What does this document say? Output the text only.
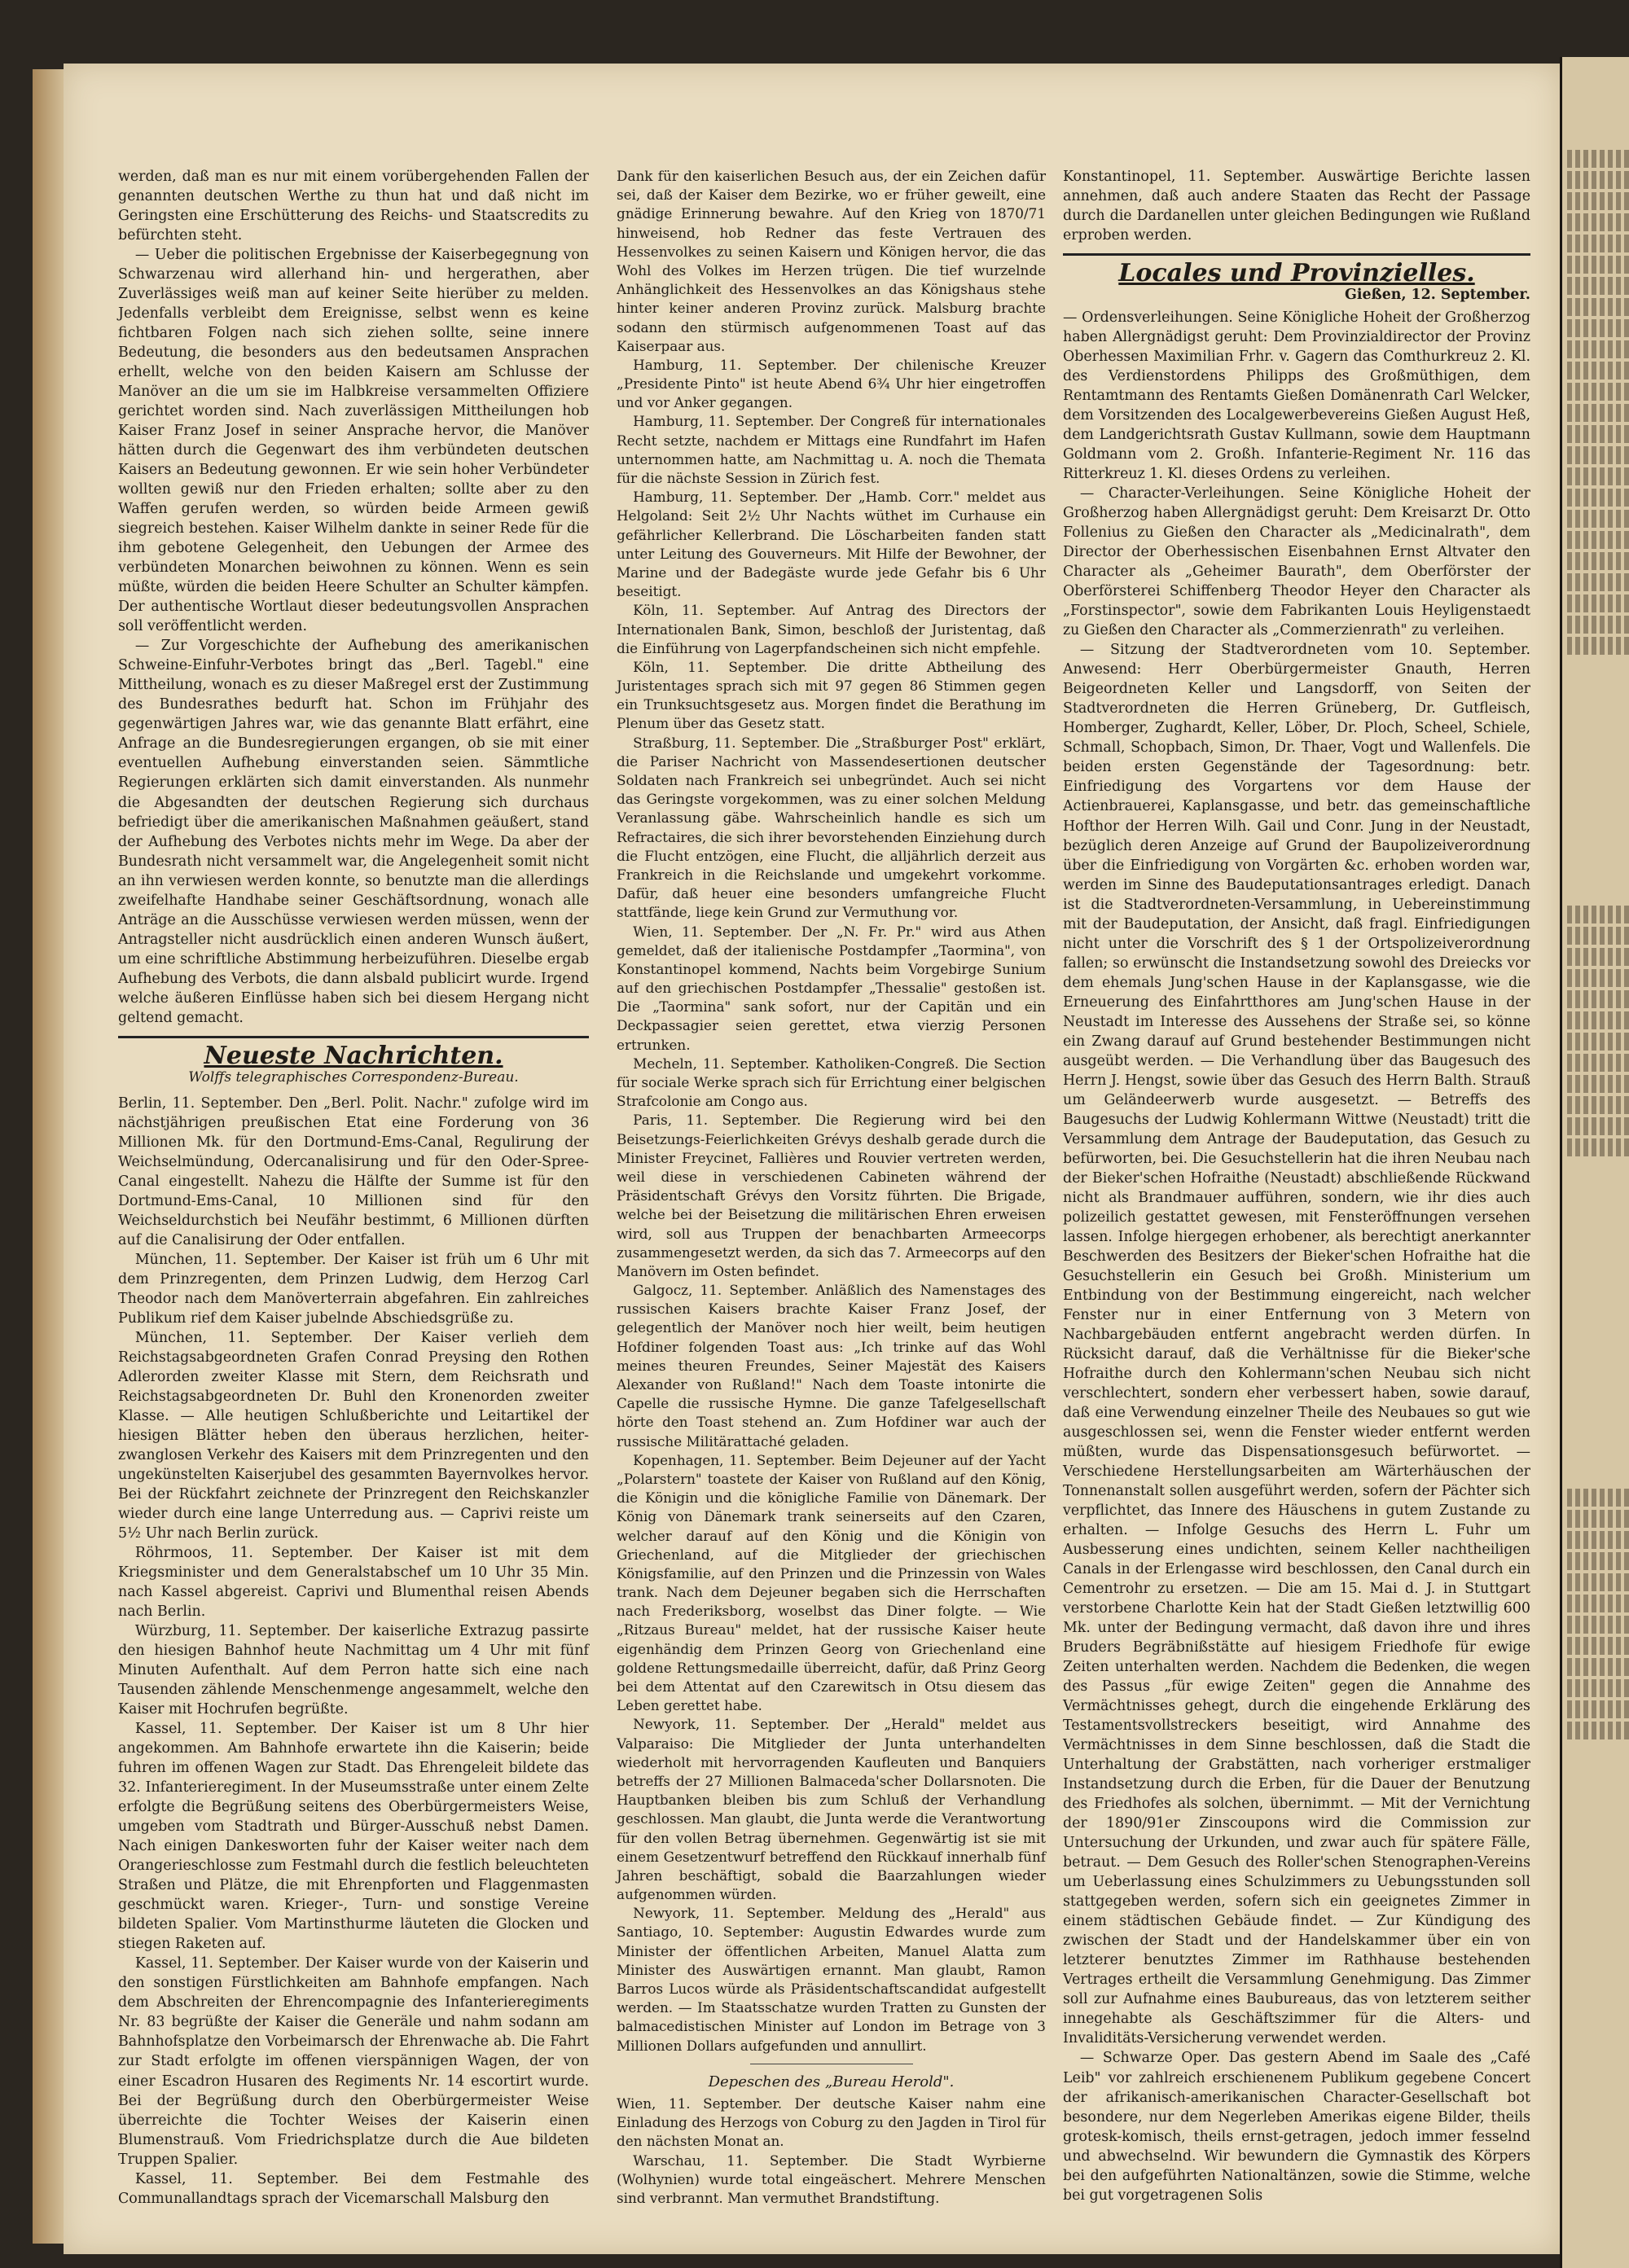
werden, daß man es nur mit einem vorübergehenden Fallen der genannten deutschen Werthe zu thun hat und daß nicht im Geringsten eine Erschütterung des Reichs- und Staatscredits zu befürchten steht.

— Ueber die politischen Ergebnisse der Kaiserbegegnung von Schwarzenau wird allerhand hin- und hergerathen, aber Zuverlässiges weiß man auf keiner Seite hierüber zu melden. Jedenfalls verbleibt dem Ereignisse, selbst wenn es keine fichtbaren Folgen nach sich ziehen sollte, seine innere Bedeutung, die besonders aus den bedeutsamen Ansprachen erhellt, welche von den beiden Kaisern am Schlusse der Manöver an die um sie im Halbkreise versammelten Offiziere gerichtet worden sind. Nach zuverlässigen Mittheilungen hob Kaiser Franz Josef in seiner Ansprache hervor, die Manöver hätten durch die Gegenwart des ihm verbündeten deutschen Kaisers an Bedeutung gewonnen. Er wie sein hoher Verbündeter wollten gewiß nur den Frieden erhalten; sollte aber zu den Waffen gerufen werden, so würden beide Armeen gewiß siegreich bestehen. Kaiser Wilhelm dankte in seiner Rede für die ihm gebotene Gelegenheit, den Uebungen der Armee des verbündeten Monarchen beiwohnen zu können. Wenn es sein müßte, würden die beiden Heere Schulter an Schulter kämpfen. Der authentische Wortlaut dieser bedeutungsvollen Ansprachen soll veröffentlicht werden.

— Zur Vorgeschichte der Aufhebung des amerikanischen Schweine-Einfuhr-Verbotes bringt das „Berl. Tagebl." eine Mittheilung, wonach es zu dieser Maßregel erst der Zustimmung des Bundesrathes bedurft hat. Schon im Frühjahr des gegenwärtigen Jahres war, wie das genannte Blatt erfährt, eine Anfrage an die Bundesregierungen ergangen, ob sie mit einer eventuellen Aufhebung einverstanden seien. Sämmtliche Regierungen erklärten sich damit einverstanden. Als nunmehr die Abgesandten der deutschen Regierung sich durchaus befriedigt über die amerikanischen Maßnahmen geäußert, stand der Aufhebung des Verbotes nichts mehr im Wege. Da aber der Bundesrath nicht versammelt war, die Angelegenheit somit nicht an ihn verwiesen werden konnte, so benutzte man die allerdings zweifelhafte Handhabe seiner Geschäftsordnung, wonach alle Anträge an die Ausschüsse verwiesen werden müssen, wenn der Antragsteller nicht ausdrücklich einen anderen Wunsch äußert, um eine schriftliche Abstimmung herbeizuführen. Dieselbe ergab Aufhebung des Verbots, die dann alsbald publicirt wurde. Irgend welche äußeren Einflüsse haben sich bei diesem Hergang nicht geltend gemacht.

Neueste Nachrichten.
Wolffs telegraphisches Correspondenz-Bureau.

Berlin, 11. September. Den „Berl. Polit. Nachr." zufolge wird im nächstjährigen preußischen Etat eine Forderung von 36 Millionen Mk. für den Dortmund-Ems-Canal, Regulirung der Weichselmündung, Odercanalisirung und für den Oder-Spree-Canal eingestellt. Nahezu die Hälfte der Summe ist für den Dortmund-Ems-Canal, 10 Millionen sind für den Weichseldurchstich bei Neufähr bestimmt, 6 Millionen dürften auf die Canalisirung der Oder entfallen.

München, 11. September. Der Kaiser ist früh um 6 Uhr mit dem Prinzregenten, dem Prinzen Ludwig, dem Herzog Carl Theodor nach dem Manöverterrain abgefahren. Ein zahlreiches Publikum rief dem Kaiser jubelnde Abschiedsgrüße zu.

München, 11. September. Der Kaiser verlieh dem Reichstagsabgeordneten Grafen Conrad Preysing den Rothen Adlerorden zweiter Klasse mit Stern, dem Reichsrath und Reichstagsabgeordneten Dr. Buhl den Kronenorden zweiter Klasse. — Alle heutigen Schlußberichte und Leitartikel der hiesigen Blätter heben den überaus herzlichen, heiter-zwanglosen Verkehr des Kaisers mit dem Prinzregenten und den ungekünstelten Kaiserjubel des gesammten Bayernvolkes hervor. Bei der Rückfahrt zeichnete der Prinzregent den Reichskanzler wieder durch eine lange Unterredung aus. — Caprivi reiste um 5½ Uhr nach Berlin zurück.

Röhrmoos, 11. September. Der Kaiser ist mit dem Kriegsminister und dem Generalstabschef um 10 Uhr 35 Min. nach Kassel abgereist. Caprivi und Blumenthal reisen Abends nach Berlin.

Würzburg, 11. September. Der kaiserliche Extrazug passirte den hiesigen Bahnhof heute Nachmittag um 4 Uhr mit fünf Minuten Aufenthalt. Auf dem Perron hatte sich eine nach Tausenden zählende Menschenmenge angesammelt, welche den Kaiser mit Hochrufen begrüßte.

Kassel, 11. September. Der Kaiser ist um 8 Uhr hier angekommen. Am Bahnhofe erwartete ihn die Kaiserin; beide fuhren im offenen Wagen zur Stadt. Das Ehrengeleit bildete das 32. Infanterieregiment. In der Museumsstraße unter einem Zelte erfolgte die Begrüßung seitens des Oberbürgermeisters Weise, umgeben vom Stadtrath und Bürger-Ausschuß nebst Damen. Nach einigen Dankesworten fuhr der Kaiser weiter nach dem Orangerieschlosse zum Festmahl durch die festlich beleuchteten Straßen und Plätze, die mit Ehrenpforten und Flaggenmasten geschmückt waren. Krieger-, Turn- und sonstige Vereine bildeten Spalier. Vom Martinsthurme läuteten die Glocken und stiegen Raketen auf.

Kassel, 11. September. Der Kaiser wurde von der Kaiserin und den sonstigen Fürstlichkeiten am Bahnhofe empfangen. Nach dem Abschreiten der Ehrencompagnie des Infanterieregiments Nr. 83 begrüßte der Kaiser die Generäle und nahm sodann am Bahnhofsplatze den Vorbeimarsch der Ehrenwache ab. Die Fahrt zur Stadt erfolgte im offenen vierspännigen Wagen, der von einer Escadron Husaren des Regiments Nr. 14 escortirt wurde. Bei der Begrüßung durch den Oberbürgermeister Weise überreichte die Tochter Weises der Kaiserin einen Blumenstrauß. Vom Friedrichsplatze durch die Aue bildeten Truppen Spalier.

Kassel, 11. September. Bei dem Festmahle des Communallandtags sprach der Vicemarschall Malsburg den

Dank für den kaiserlichen Besuch aus, der ein Zeichen dafür sei, daß der Kaiser dem Bezirke, wo er früher geweilt, eine gnädige Erinnerung bewahre. Auf den Krieg von 1870/71 hinweisend, hob Redner das feste Vertrauen des Hessenvolkes zu seinen Kaisern und Königen hervor, die das Wohl des Volkes im Herzen trügen. Die tief wurzelnde Anhänglichkeit des Hessenvolkes an das Königshaus stehe hinter keiner anderen Provinz zurück. Malsburg brachte sodann den stürmisch aufgenommenen Toast auf das Kaiserpaar aus.

Hamburg, 11. September. Der chilenische Kreuzer „Presidente Pinto" ist heute Abend 6¾ Uhr hier eingetroffen und vor Anker gegangen.

Hamburg, 11. September. Der Congreß für internationales Recht setzte, nachdem er Mittags eine Rundfahrt im Hafen unternommen hatte, am Nachmittag u. A. noch die Themata für die nächste Session in Zürich fest.

Hamburg, 11. September. Der „Hamb. Corr." meldet aus Helgoland: Seit 2½ Uhr Nachts wüthet im Curhause ein gefährlicher Kellerbrand. Die Löscharbeiten fanden statt unter Leitung des Gouverneurs. Mit Hilfe der Bewohner, der Marine und der Badegäste wurde jede Gefahr bis 6 Uhr beseitigt.

Köln, 11. September. Auf Antrag des Directors der Internationalen Bank, Simon, beschloß der Juristentag, daß die Einführung von Lagerpfandscheinen sich nicht empfehle.

Köln, 11. September. Die dritte Abtheilung des Juristentages sprach sich mit 97 gegen 86 Stimmen gegen ein Trunksuchtsgesetz aus. Morgen findet die Berathung im Plenum über das Gesetz statt.

Straßburg, 11. September. Die „Straßburger Post" erklärt, die Pariser Nachricht von Massendesertionen deutscher Soldaten nach Frankreich sei unbegründet. Auch sei nicht das Geringste vorgekommen, was zu einer solchen Meldung Veranlassung gäbe. Wahrscheinlich handle es sich um Refractaires, die sich ihrer bevorstehenden Einziehung durch die Flucht entzögen, eine Flucht, die alljährlich derzeit aus Frankreich in die Reichslande und umgekehrt vorkomme. Dafür, daß heuer eine besonders umfangreiche Flucht stattfände, liege kein Grund zur Vermuthung vor.

Wien, 11. September. Der „N. Fr. Pr." wird aus Athen gemeldet, daß der italienische Postdampfer „Taormina", von Konstantinopel kommend, Nachts beim Vorgebirge Sunium auf den griechischen Postdampfer „Thessalie" gestoßen ist. Die „Taormina" sank sofort, nur der Capitän und ein Deckpassagier seien gerettet, etwa vierzig Personen ertrunken.

Mecheln, 11. September. Katholiken-Congreß. Die Section für sociale Werke sprach sich für Errichtung einer belgischen Strafcolonie am Congo aus.

Paris, 11. September. Die Regierung wird bei den Beisetzungs-Feierlichkeiten Grévys deshalb gerade durch die Minister Freycinet, Fallières und Rouvier vertreten werden, weil diese in verschiedenen Cabineten während der Präsidentschaft Grévys den Vorsitz führten. Die Brigade, welche bei der Beisetzung die militärischen Ehren erweisen wird, soll aus Truppen der benachbarten Armeecorps zusammengesetzt werden, da sich das 7. Armeecorps auf den Manövern im Osten befindet.

Galgocz, 11. September. Anläßlich des Namenstages des russischen Kaisers brachte Kaiser Franz Josef, der gelegentlich der Manöver noch hier weilt, beim heutigen Hofdiner folgenden Toast aus: „Ich trinke auf das Wohl meines theuren Freundes, Seiner Majestät des Kaisers Alexander von Rußland!" Nach dem Toaste intonirte die Capelle die russische Hymne. Die ganze Tafelgesellschaft hörte den Toast stehend an. Zum Hofdiner war auch der russische Militärattaché geladen.

Kopenhagen, 11. September. Beim Dejeuner auf der Yacht „Polarstern" toastete der Kaiser von Rußland auf den König, die Königin und die königliche Familie von Dänemark. Der König von Dänemark trank seinerseits auf den Czaren, welcher darauf auf den König und die Königin von Griechenland, auf die Mitglieder der griechischen Königsfamilie, auf den Prinzen und die Prinzessin von Wales trank. Nach dem Dejeuner begaben sich die Herrschaften nach Frederiksborg, woselbst das Diner folgte. — Wie „Ritzaus Bureau" meldet, hat der russische Kaiser heute eigenhändig dem Prinzen Georg von Griechenland eine goldene Rettungsmedaille überreicht, dafür, daß Prinz Georg bei dem Attentat auf den Czarewitsch in Otsu diesem das Leben gerettet habe.

Newyork, 11. September. Der „Herald" meldet aus Valparaiso: Die Mitglieder der Junta unterhandelten wiederholt mit hervorragenden Kaufleuten und Banquiers betreffs der 27 Millionen Balmaceda'scher Dollarsnoten. Die Hauptbanken bleiben bis zum Schluß der Verhandlung geschlossen. Man glaubt, die Junta werde die Verantwortung für den vollen Betrag übernehmen. Gegenwärtig ist sie mit einem Gesetzentwurf betreffend den Rückkauf innerhalb fünf Jahren beschäftigt, sobald die Baarzahlungen wieder aufgenommen würden.

Newyork, 11. September. Meldung des „Herald" aus Santiago, 10. September: Augustin Edwardes wurde zum Minister der öffentlichen Arbeiten, Manuel Alatta zum Minister des Auswärtigen ernannt. Man glaubt, Ramon Barros Lucos würde als Präsidentschaftscandidat aufgestellt werden. — Im Staatsschatze wurden Tratten zu Gunsten der balmacedistischen Minister auf London im Betrage von 3 Millionen Dollars aufgefunden und annullirt.

Depeschen des „Bureau Herold".

Wien, 11. September. Der deutsche Kaiser nahm eine Einladung des Herzogs von Coburg zu den Jagden in Tirol für den nächsten Monat an.

Warschau, 11. September. Die Stadt Wyrbierne (Wolhynien) wurde total eingeäschert. Mehrere Menschen sind verbrannt. Man vermuthet Brandstiftung.

Konstantinopel, 11. September. Auswärtige Berichte lassen annehmen, daß auch andere Staaten das Recht der Passage durch die Dardanellen unter gleichen Bedingungen wie Rußland erproben werden.

Locales und Provinzielles.
Gießen, 12. September.

— Ordensverleihungen. Seine Königliche Hoheit der Großherzog haben Allergnädigst geruht: Dem Provinzialdirector der Provinz Oberhessen Maximilian Frhr. v. Gagern das Comthurkreuz 2. Kl. des Verdienstordens Philipps des Großmüthigen, dem Rentamtmann des Rentamts Gießen Domänenrath Carl Welcker, dem Vorsitzenden des Localgewerbevereins Gießen August Heß, dem Landgerichtsrath Gustav Kullmann, sowie dem Hauptmann Goldmann vom 2. Großh. Infanterie-Regiment Nr. 116 das Ritterkreuz 1. Kl. dieses Ordens zu verleihen.

— Character-Verleihungen. Seine Königliche Hoheit der Großherzog haben Allergnädigst geruht: Dem Kreisarzt Dr. Otto Follenius zu Gießen den Character als „Medicinalrath", dem Director der Oberhessischen Eisenbahnen Ernst Altvater den Character als „Geheimer Baurath", dem Oberförster der Oberförsterei Schiffenberg Theodor Heyer den Character als „Forstinspector", sowie dem Fabrikanten Louis Heyligenstaedt zu Gießen den Character als „Commerzienrath" zu verleihen.

— Sitzung der Stadtverordneten vom 10. September. Anwesend: Herr Oberbürgermeister Gnauth, Herren Beigeordneten Keller und Langsdorff, von Seiten der Stadtverordneten die Herren Grüneberg, Dr. Gutfleisch, Homberger, Zughardt, Keller, Löber, Dr. Ploch, Scheel, Schiele, Schmall, Schopbach, Simon, Dr. Thaer, Vogt und Wallenfels. Die beiden ersten Gegenstände der Tagesordnung: betr. Einfriedigung des Vorgartens vor dem Hause der Actienbrauerei, Kaplansgasse, und betr. das gemeinschaftliche Hofthor der Herren Wilh. Gail und Conr. Jung in der Neustadt, bezüglich deren Anzeige auf Grund der Baupolizeiverordnung über die Einfriedigung von Vorgärten &c. erhoben worden war, werden im Sinne des Baudeputationsantrages erledigt. Danach ist die Stadtverordneten-Versammlung, in Uebereinstimmung mit der Baudeputation, der Ansicht, daß fragl. Einfriedigungen nicht unter die Vorschrift des § 1 der Ortspolizeiverordnung fallen; so erwünscht die Instandsetzung sowohl des Dreiecks vor dem ehemals Jung'schen Hause in der Kaplansgasse, wie die Erneuerung des Einfahrtthores am Jung'schen Hause in der Neustadt im Interesse des Aussehens der Straße sei, so könne ein Zwang darauf auf Grund bestehender Bestimmungen nicht ausgeübt werden. — Die Verhandlung über das Baugesuch des Herrn J. Hengst, sowie über das Gesuch des Herrn Balth. Strauß um Geländeerwerb wurde ausgesetzt. — Betreffs des Baugesuchs der Ludwig Kohlermann Wittwe (Neustadt) tritt die Versammlung dem Antrage der Baudeputation, das Gesuch zu befürworten, bei. Die Gesuchstellerin hat die ihren Neubau nach der Bieker'schen Hofraithe (Neustadt) abschließende Rückwand nicht als Brandmauer aufführen, sondern, wie ihr dies auch polizeilich gestattet gewesen, mit Fensteröffnungen versehen lassen. Infolge hiergegen erhobener, als berechtigt anerkannter Beschwerden des Besitzers der Bieker'schen Hofraithe hat die Gesuchstellerin ein Gesuch bei Großh. Ministerium um Entbindung von der Bestimmung eingereicht, nach welcher Fenster nur in einer Entfernung von 3 Metern von Nachbargebäuden entfernt angebracht werden dürfen. In Rücksicht darauf, daß die Verhältnisse für die Bieker'sche Hofraithe durch den Kohlermann'schen Neubau sich nicht verschlechtert, sondern eher verbessert haben, sowie darauf, daß eine Verwendung einzelner Theile des Neubaues so gut wie ausgeschlossen sei, wenn die Fenster wieder entfernt werden müßten, wurde das Dispensationsgesuch befürwortet. — Verschiedene Herstellungsarbeiten am Wärterhäuschen der Tonnenanstalt sollen ausgeführt werden, sofern der Pächter sich verpflichtet, das Innere des Häuschens in gutem Zustande zu erhalten. — Infolge Gesuchs des Herrn L. Fuhr um Ausbesserung eines undichten, seinem Keller nachtheiligen Canals in der Erlengasse wird beschlossen, den Canal durch ein Cementrohr zu ersetzen. — Die am 15. Mai d. J. in Stuttgart verstorbene Charlotte Kein hat der Stadt Gießen letztwillig 600 Mk. unter der Bedingung vermacht, daß davon ihre und ihres Bruders Begräbnißstätte auf hiesigem Friedhofe für ewige Zeiten unterhalten werden. Nachdem die Bedenken, die wegen des Passus „für ewige Zeiten" gegen die Annahme des Vermächtnisses gehegt, durch die eingehende Erklärung des Testamentsvollstreckers beseitigt, wird Annahme des Vermächtnisses in dem Sinne beschlossen, daß die Stadt die Unterhaltung der Grabstätten, nach vorheriger erstmaliger Instandsetzung durch die Erben, für die Dauer der Benutzung des Friedhofes als solchen, übernimmt. — Mit der Vernichtung der 1890/91er Zinscoupons wird die Commission zur Untersuchung der Urkunden, und zwar auch für spätere Fälle, betraut. — Dem Gesuch des Roller'schen Stenographen-Vereins um Ueberlassung eines Schulzimmers zu Uebungsstunden soll stattgegeben werden, sofern sich ein geeignetes Zimmer in einem städtischen Gebäude findet. — Zur Kündigung des zwischen der Stadt und der Handelskammer über ein von letzterer benutztes Zimmer im Rathhause bestehenden Vertrages ertheilt die Versammlung Genehmigung. Das Zimmer soll zur Aufnahme eines Baubureaus, das von letzterem seither innegehabte als Geschäftszimmer für die Alters- und Invaliditäts-Versicherung verwendet werden.

— Schwarze Oper. Das gestern Abend im Saale des „Café Leib" vor zahlreich erschienenem Publikum gegebene Concert der afrikanisch-amerikanischen Character-Gesellschaft bot besondere, nur dem Negerleben Amerikas eigene Bilder, theils grotesk-komisch, theils ernst-getragen, jedoch immer fesselnd und abwechselnd. Wir bewundern die Gymnastik des Körpers bei den aufgeführten Nationaltänzen, sowie die Stimme, welche bei gut vorgetragenen Solis
